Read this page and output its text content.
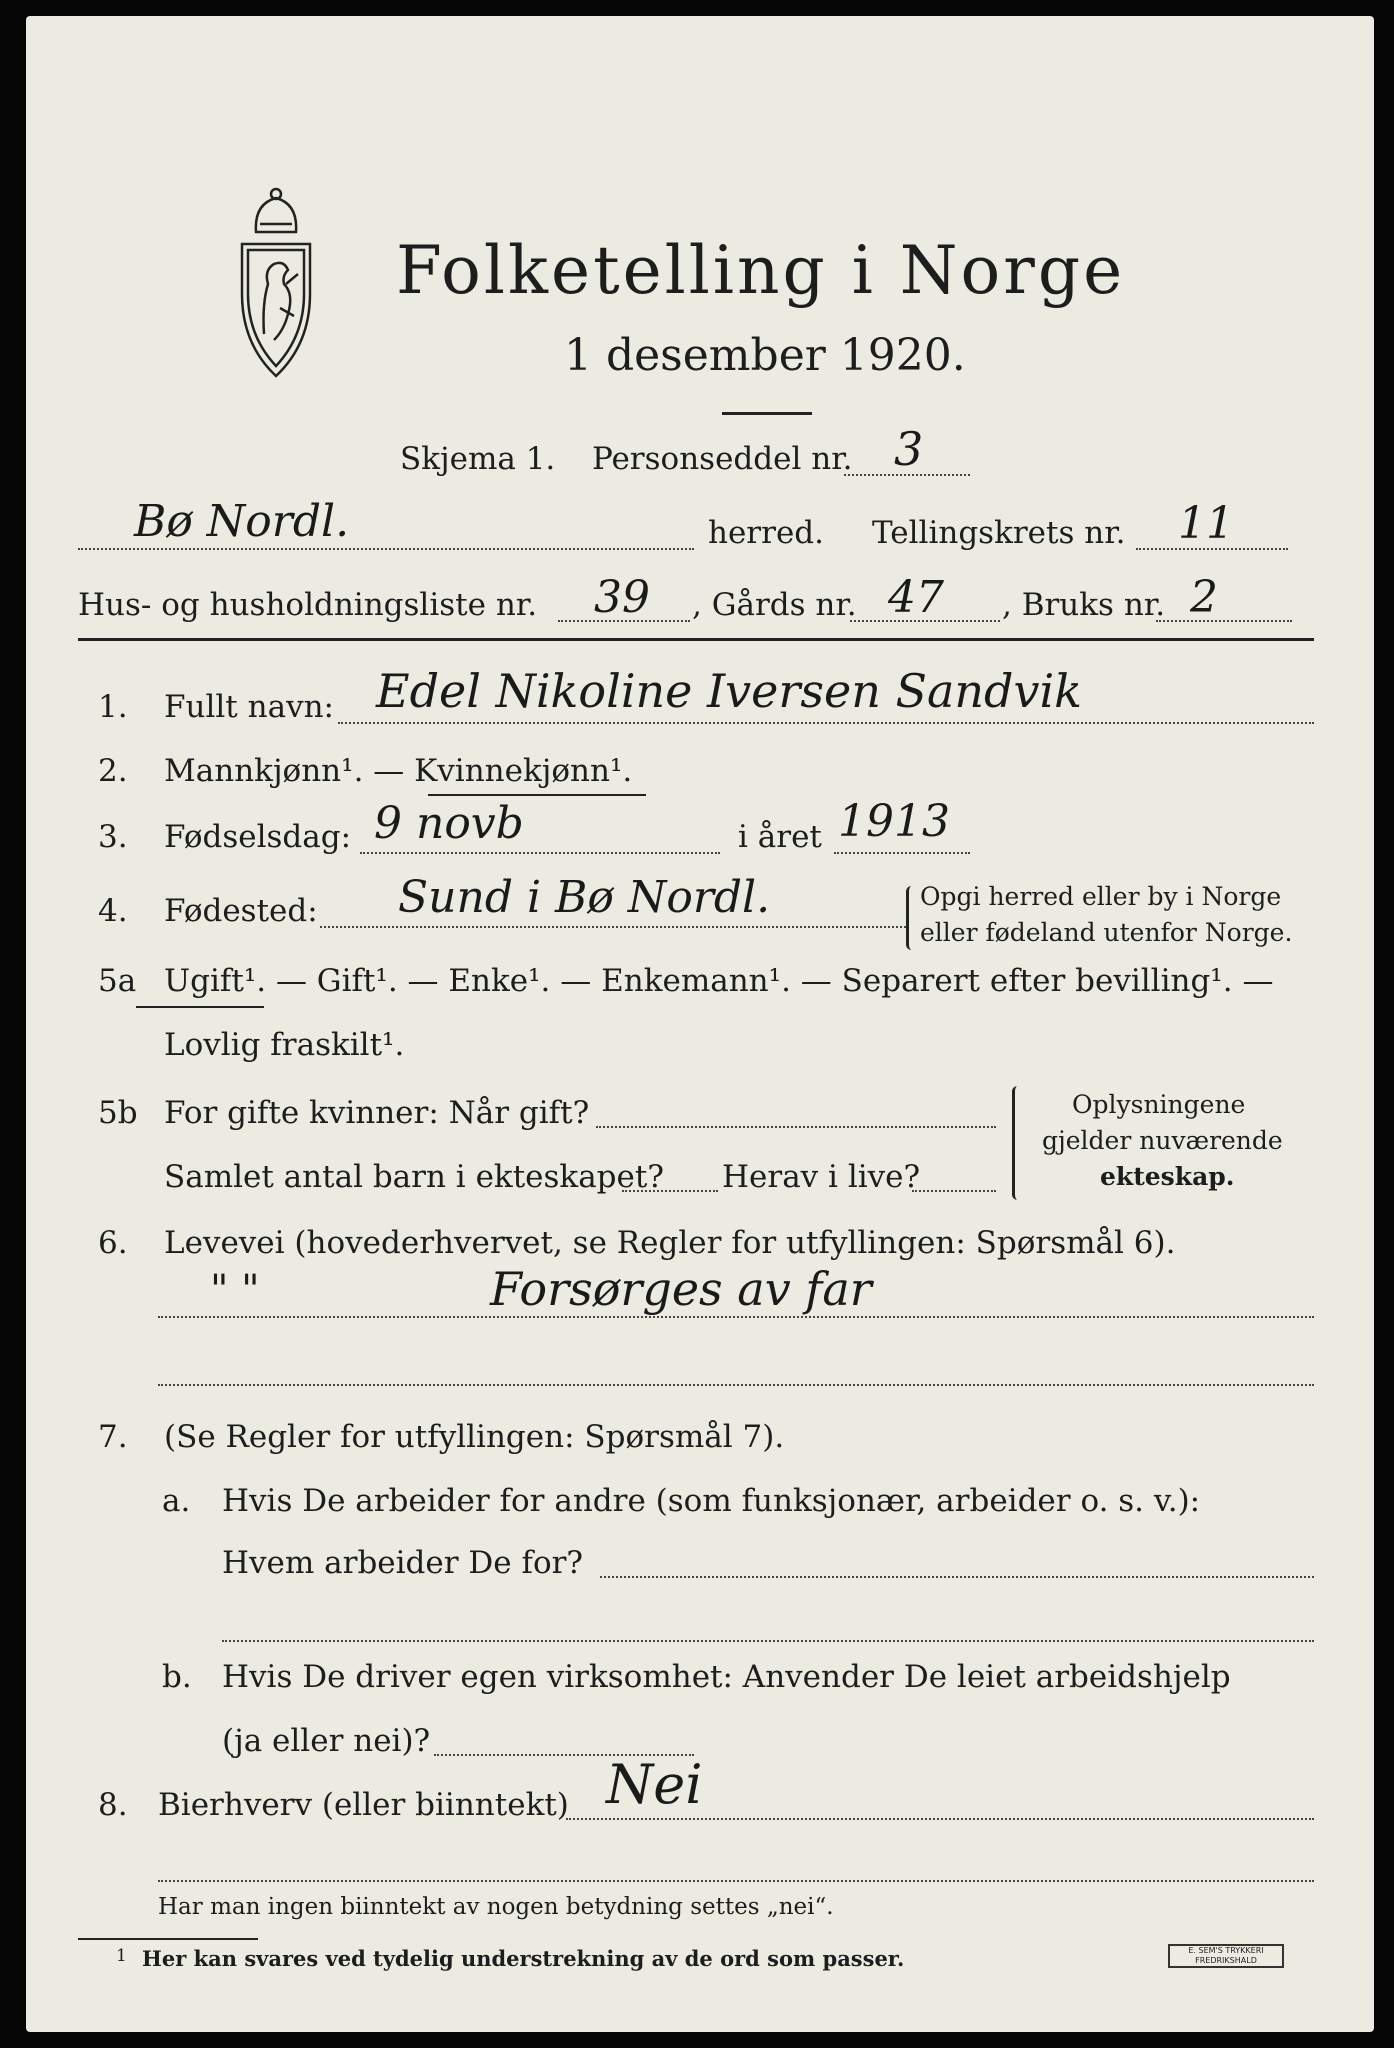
Folketelling i Norge
1 desember 1920.
Skjema 1. Personseddel nr. 3
Bø Nordl.	herred. Tellingskrets nr. 11
Hus- og husholdningsliste nr. 39 , Gårds nr. 47 , Bruks nr. 2
1. Fullt navn: Edel Nikoline Iversen Sandvik
2. Mannkjønn¹. — Kvinnekjønn¹.
3. Fødselsdag: 9 novb	i året 1913
4. Fødested: Sund i Bø Nordl.	Opgi herred eller by i Norge
eller fødeland utenfor Norge.
5a Ugift¹. — Gift¹. — Enke¹. — Enkemann¹. — Separert efter bevilling¹. —
Lovlig fraskilt¹.
5b For gifte kvinner: Når gift?
Samlet antal barn i ekteskapet? Herav i live?
Oplysningene
gjelder nuværende
ekteskap.
6. Levevei (hovederhvervet, se Regler for utfyllingen: Spørsmål 6).
" "	Forsørges av far
7. (Se Regler for utfyllingen: Spørsmål 7).
a. Hvis De arbeider for andre (som funksjonær, arbeider o. s. v.):
Hvem arbeider De for?
b. Hvis De driver egen virksomhet: Anvender De leiet arbeidshjelp
(ja eller nei)?
8. Bierhverv (eller biinntekt) Nei
Har man ingen biinntekt av nogen betydning settes „nei“.
1 Her kan svares ved tydelig understrekning av de ord som passer.	E. SEM'S TRYKKERI FREDRIKSHALD
